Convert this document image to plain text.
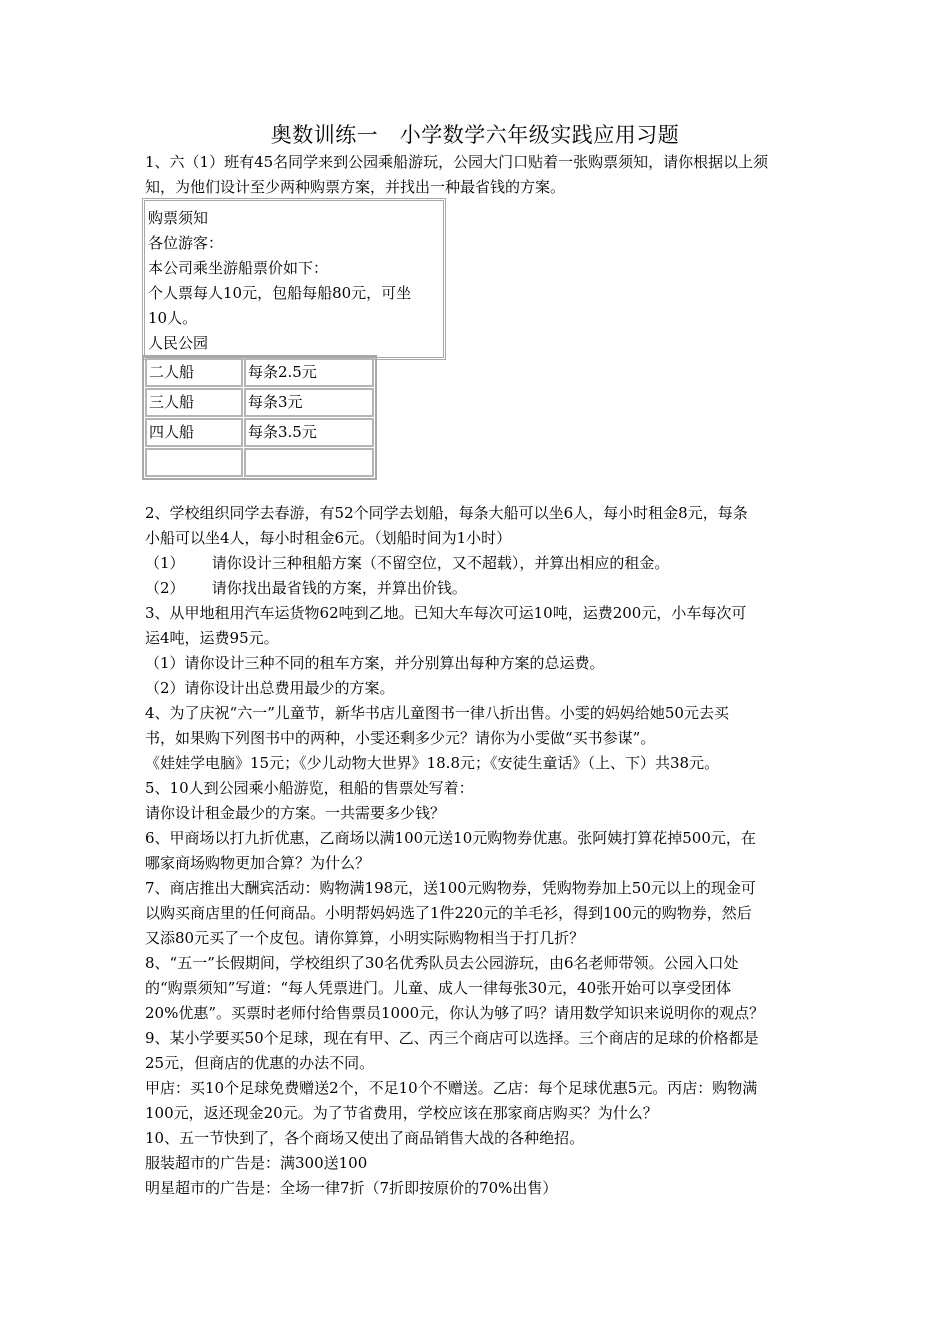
奥数训练一　小学数学六年级实践应用习题

1、六（1）班有45名同学来到公园乘船游玩，公园大门口贴着一张购票须知，请你根据以上须
知，为他们设计至少两种购票方案，并找出一种最省钱的方案。

购票须知
各位游客：
本公司乘坐游船票价如下：
个人票每人10元，包船每船80元，可坐
10人。
人民公园
二人船	每条2.5元
三人船	每条3元
四人船	每条3.5元

2、学校组织同学去春游，有52个同学去划船，每条大船可以坐6人，每小时租金8元，每条
小船可以坐4人，每小时租金6元。（划船时间为1小时）
（1）　　 请你设计三种租船方案（不留空位，又不超载），并算出相应的租金。
（2）　　 请你找出最省钱的方案，并算出价钱。

3、从甲地租用汽车运货物62吨到乙地。已知大车每次可运10吨，运费200元，小车每次可
运4吨，运费95元。
（1）请你设计三种不同的租车方案，并分别算出每种方案的总运费。
（2）请你设计出总费用最少的方案。

4、为了庆祝“六一”儿童节，新华书店儿童图书一律八折出售。小雯的妈妈给她50元去买
书，如果购下列图书中的两种，小雯还剩多少元？请你为小雯做“买书参谋”。
《娃娃学电脑》15元；《少儿动物大世界》18.8元；《安徒生童话》（上、下）共38元。

5、10人到公园乘小船游览，租船的售票处写着：
请你设计租金最少的方案。一共需要多少钱？

6、甲商场以打九折优惠，乙商场以满100元送10元购物券优惠。张阿姨打算花掉500元，在
哪家商场购物更加合算？为什么？

7、商店推出大酬宾活动：购物满198元，送100元购物券，凭购物券加上50元以上的现金可
以购买商店里的任何商品。小明帮妈妈选了1件220元的羊毛衫，得到100元的购物券，然后
又添80元买了一个皮包。请你算算，小明实际购物相当于打几折？

8、“五一”长假期间，学校组织了30名优秀队员去公园游玩，由6名老师带领。公园入口处
的“购票须知”写道：“每人凭票进门。儿童、成人一律每张30元，40张开始可以享受团体
20%优惠”。买票时老师付给售票员1000元，你认为够了吗？请用数学知识来说明你的观点？

9、某小学要买50个足球，现在有甲、乙、丙三个商店可以选择。三个商店的足球的价格都是
25元，但商店的优惠的办法不同。
甲店：买10个足球免费赠送2个，不足10个不赠送。乙店：每个足球优惠5元。丙店：购物满
100元，返还现金20元。为了节省费用，学校应该在那家商店购买？为什么？

10、五一节快到了，各个商场又使出了商品销售大战的各种绝招。
服装超市的广告是：满300送100
明星超市的广告是：全场一律7折（7折即按原价的70%出售）
